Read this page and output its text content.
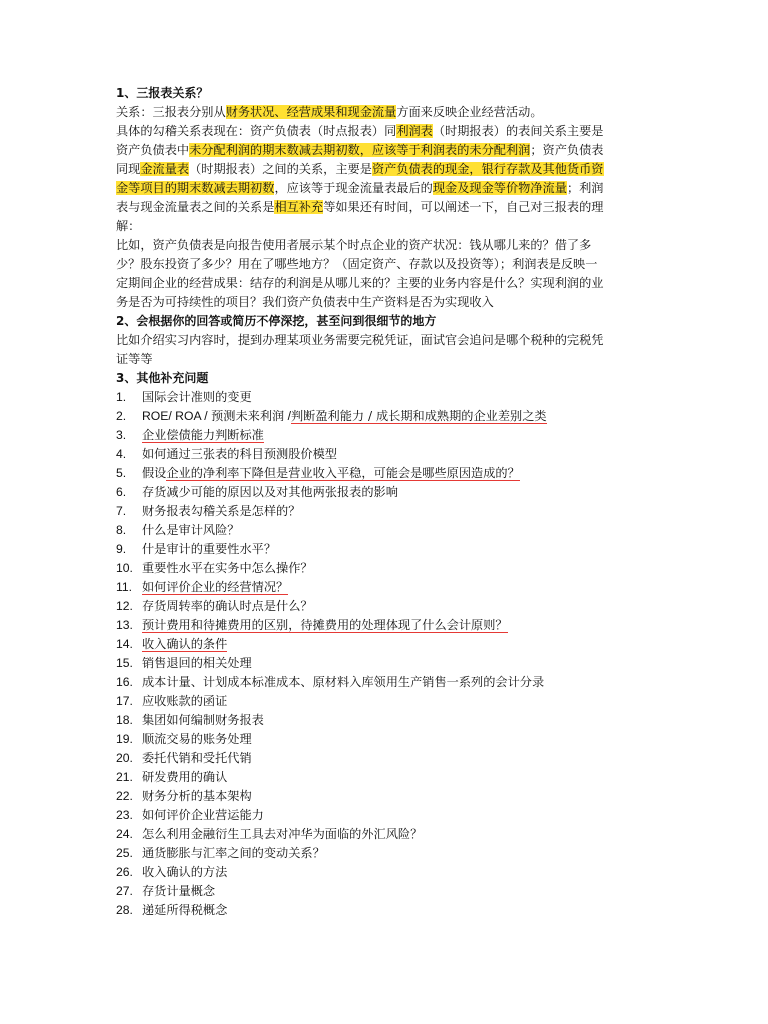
1、三报表关系？
关系：三报表分别从财务状况、经营成果和现金流量方面来反映企业经营活动。
具体的勾稽关系表现在：资产负债表（时点报表）同利润表（时期报表）的表间关系主要是
资产负债表中未分配利润的期末数减去期初数，应该等于利润表的未分配利润；资产负债表
同现金流量表（时期报表）之间的关系，主要是资产负债表的现金，银行存款及其他货币资
金等项目的期末数减去期初数，应该等于现金流量表最后的现金及现金等价物净流量；利润
表与现金流量表之间的关系是相互补充等如果还有时间，可以阐述一下，自己对三报表的理
解：
比如，资产负债表是向报告使用者展示某个时点企业的资产状况：钱从哪儿来的？借了多
少？股东投资了多少？用在了哪些地方？（固定资产、存款以及投资等）；利润表是反映一
定期间企业的经营成果：结存的利润是从哪儿来的？主要的业务内容是什么？实现利润的业
务是否为可持续性的项目？我们资产负债表中生产资料是否为实现收入
2、会根据你的回答或简历不停深挖，甚至问到很细节的地方
比如介绍实习内容时，提到办理某项业务需要完税凭证，面试官会追问是哪个税种的完税凭
证等等
3、其他补充问题
1. 国际会计准则的变更
2. ROE/ ROA / 预测未来利润 /判断盈利能力 / 成长期和成熟期的企业差别之类
3. 企业偿债能力判断标准
4. 如何通过三张表的科目预测股价模型
5. 假设企业的净利率下降但是营业收入平稳，可能会是哪些原因造成的？
6. 存货减少可能的原因以及对其他两张报表的影响
7. 财务报表勾稽关系是怎样的？
8. 什么是审计风险？
9. 什是审计的重要性水平？
10. 重要性水平在实务中怎么操作？
11. 如何评价企业的经营情况？
12. 存货周转率的确认时点是什么？
13. 预计费用和待摊费用的区别，待摊费用的处理体现了什么会计原则？
14. 收入确认的条件
15. 销售退回的相关处理
16. 成本计量、计划成本标准成本、原材料入库领用生产销售一系列的会计分录
17. 应收账款的函证
18. 集团如何编制财务报表
19. 顺流交易的账务处理
20. 委托代销和受托代销
21. 研发费用的确认
22. 财务分析的基本架构
23. 如何评价企业营运能力
24. 怎么利用金融衍生工具去对冲华为面临的外汇风险？
25. 通货膨胀与汇率之间的变动关系？
26. 收入确认的方法
27. 存货计量概念
28. 递延所得税概念
